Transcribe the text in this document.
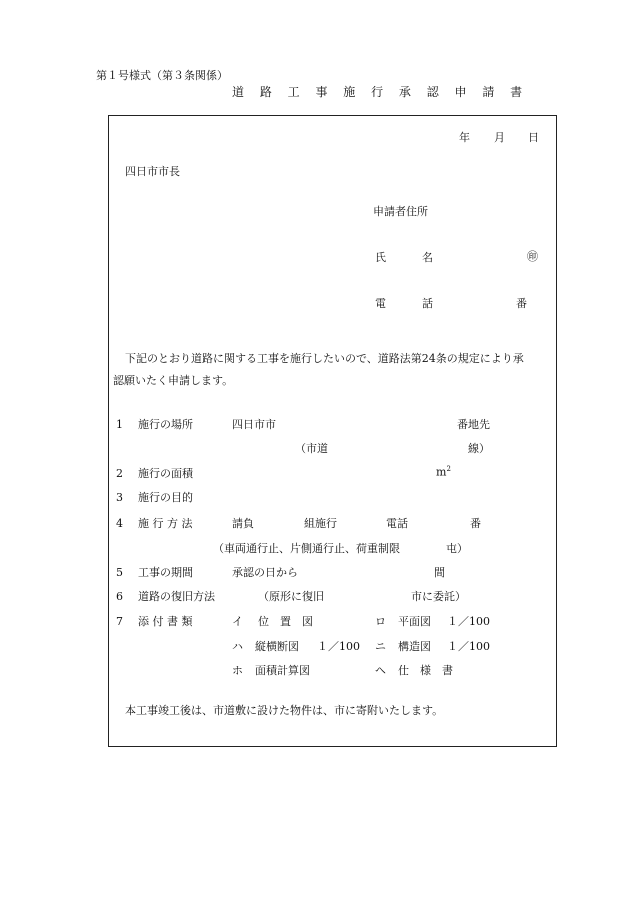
第１号様式（第３条関係）
道 路 工 事 施 行 承 認 申 請 書
年 月 日
四日市市長
申請者住所
氏	名	㊞
電	話	番
下記のとおり道路に関する工事を施行したいので、道路法第24条の規定により承
認願いたく申請します。
1 施行の場所	四日市市	番地先
（市道	線）
2 施行の面積	$m^2$
3 施行の目的
4 施 行 方 法	請負	組施行	電話	番
（車両通行止、片側通行止、荷重制限	屯）
5 工事の期間	承認の日から	間
6 道路の復旧方法	（原形に復旧	市に委託）
7 添 付 書 類	イ 位　置　図	ロ 平面図 １／100
ハ 縦横断図 １／100 ニ 構造図 １／100
ホ 面積計算図	ヘ 仕　様　書
本工事竣工後は、市道敷に設けた物件は、市に寄附いたします。
